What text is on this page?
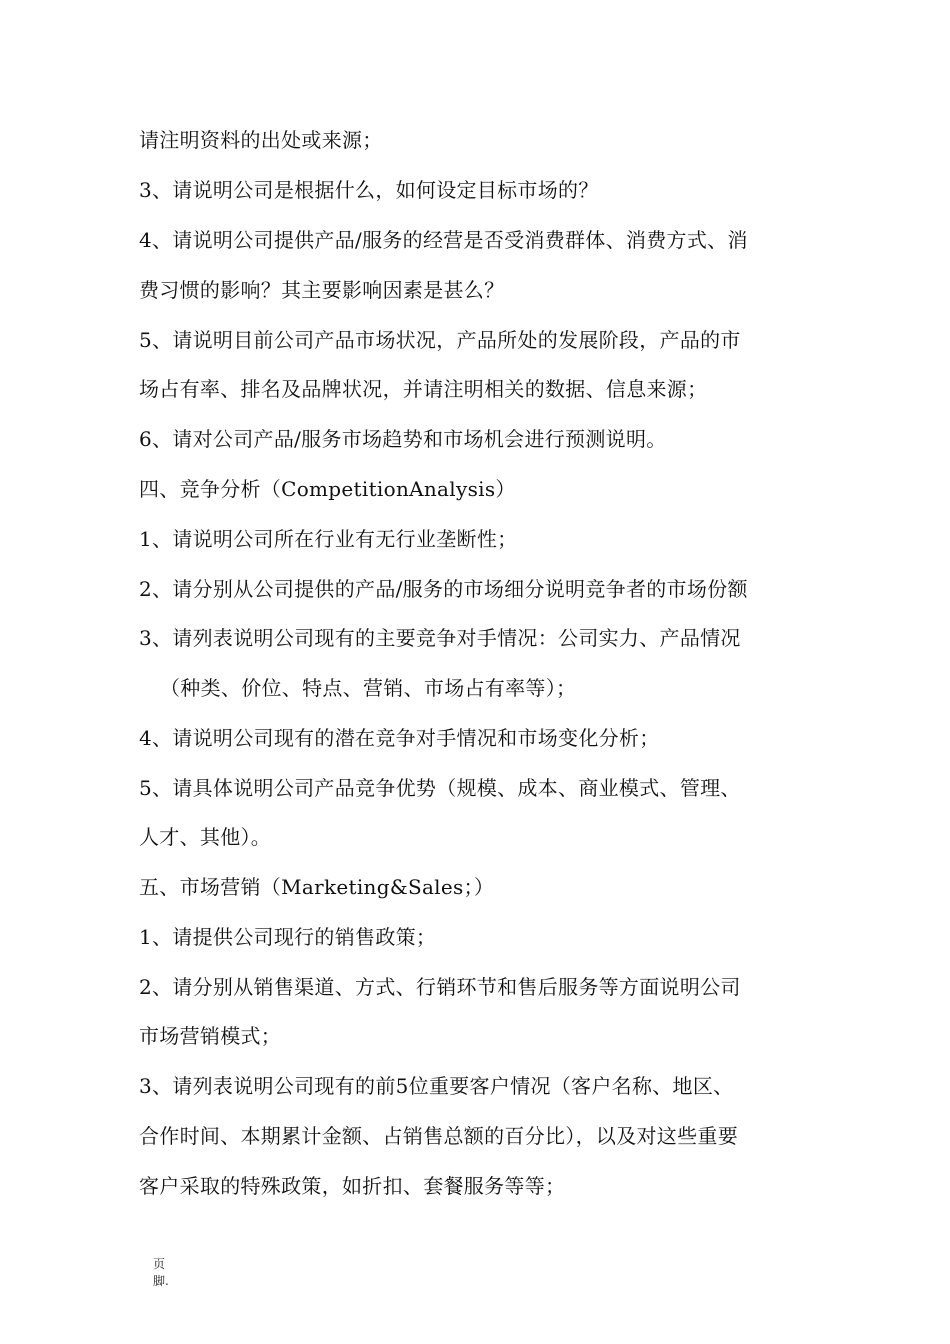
请注明资料的出处或来源；
3、请说明公司是根据什么，如何设定目标市场的？
4、请说明公司提供产品/服务的经营是否受消费群体、消费方式、消
费习惯的影响？其主要影响因素是甚么？
5、请说明目前公司产品市场状况，产品所处的发展阶段，产品的市
场占有率、排名及品牌状况，并请注明相关的数据、信息来源；
6、请对公司产品/服务市场趋势和市场机会进行预测说明。
四、竞争分析（CompetitionAnalysis）
1、请说明公司所在行业有无行业垄断性；
2、请分别从公司提供的产品/服务的市场细分说明竞争者的市场份额
3、请列表说明公司现有的主要竞争对手情况：公司实力、产品情况
（种类、价位、特点、营销、市场占有率等）；
4、请说明公司现有的潜在竞争对手情况和市场变化分析；
5、请具体说明公司产品竞争优势（规模、成本、商业模式、管理、
人才、其他）。
五、市场营销（Marketing&Sales；）
1、请提供公司现行的销售政策；
2、请分别从销售渠道、方式、行销环节和售后服务等方面说明公司
市场营销模式；
3、请列表说明公司现有的前5位重要客户情况（客户名称、地区、
合作时间、本期累计金额、占销售总额的百分比），以及对这些重要
客户采取的特殊政策，如折扣、套餐服务等等；
页
脚.
